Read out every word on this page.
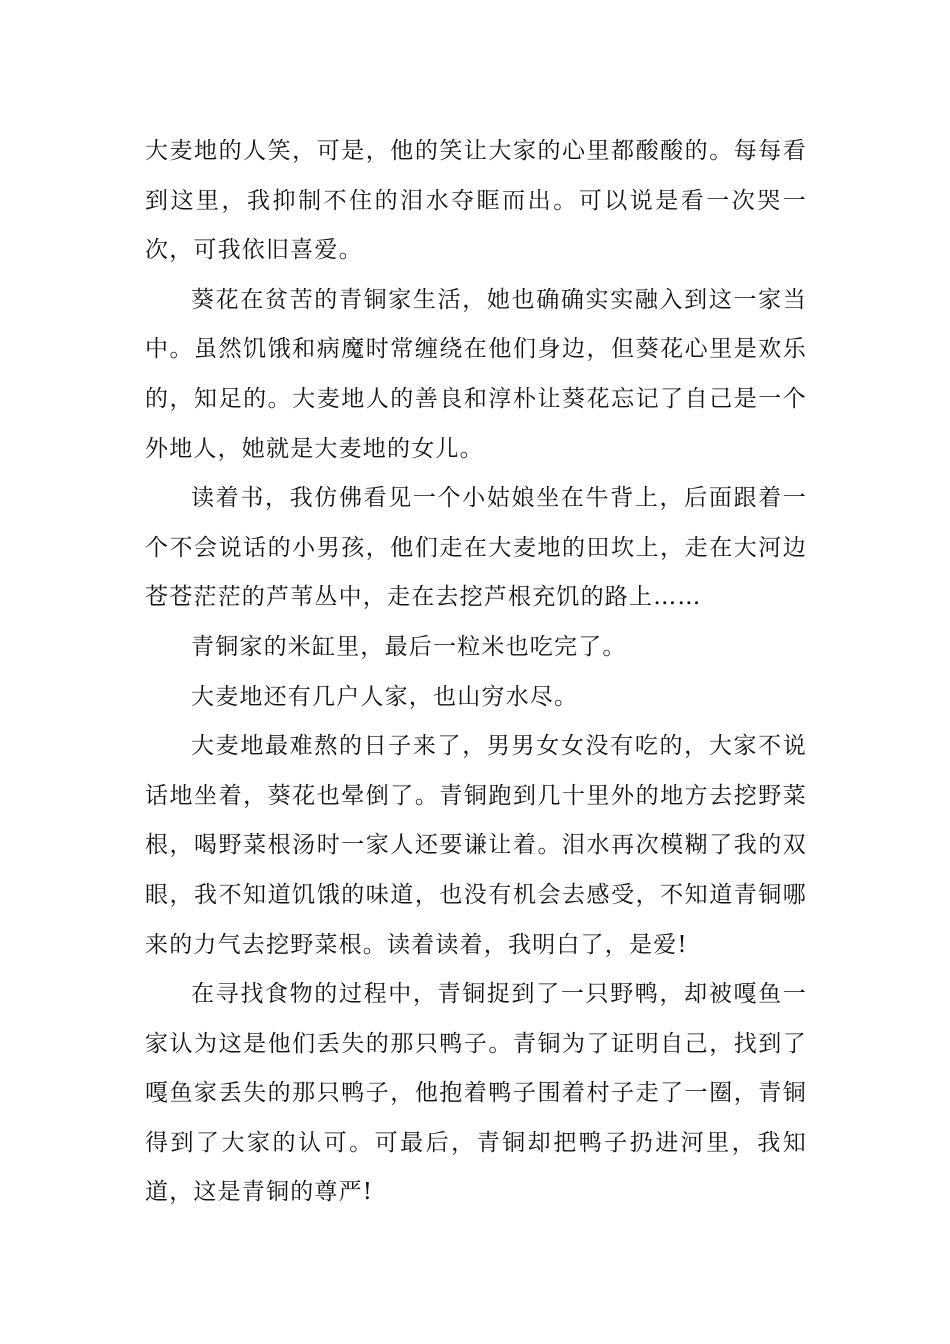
大麦地的人笑，可是，他的笑让大家的心里都酸酸的。每每看到这里，我抑制不住的泪水夺眶而出。可以说是看一次哭一次，可我依旧喜爱。

葵花在贫苦的青铜家生活，她也确确实实融入到这一家当中。虽然饥饿和病魔时常缠绕在他们身边，但葵花心里是欢乐的，知足的。大麦地人的善良和淳朴让葵花忘记了自己是一个外地人，她就是大麦地的女儿。

读着书，我仿佛看见一个小姑娘坐在牛背上，后面跟着一个不会说话的小男孩，他们走在大麦地的田坎上，走在大河边苍苍茫茫的芦苇丛中，走在去挖芦根充饥的路上……

青铜家的米缸里，最后一粒米也吃完了。

大麦地还有几户人家，也山穷水尽。

大麦地最难熬的日子来了，男男女女没有吃的，大家不说话地坐着，葵花也晕倒了。青铜跑到几十里外的地方去挖野菜根，喝野菜根汤时一家人还要谦让着。泪水再次模糊了我的双眼，我不知道饥饿的味道，也没有机会去感受，不知道青铜哪来的力气去挖野菜根。读着读着，我明白了，是爱!

在寻找食物的过程中，青铜捉到了一只野鸭，却被嘎鱼一家认为这是他们丢失的那只鸭子。青铜为了证明自己，找到了嘎鱼家丢失的那只鸭子，他抱着鸭子围着村子走了一圈，青铜得到了大家的认可。可最后，青铜却把鸭子扔进河里，我知道，这是青铜的尊严!
